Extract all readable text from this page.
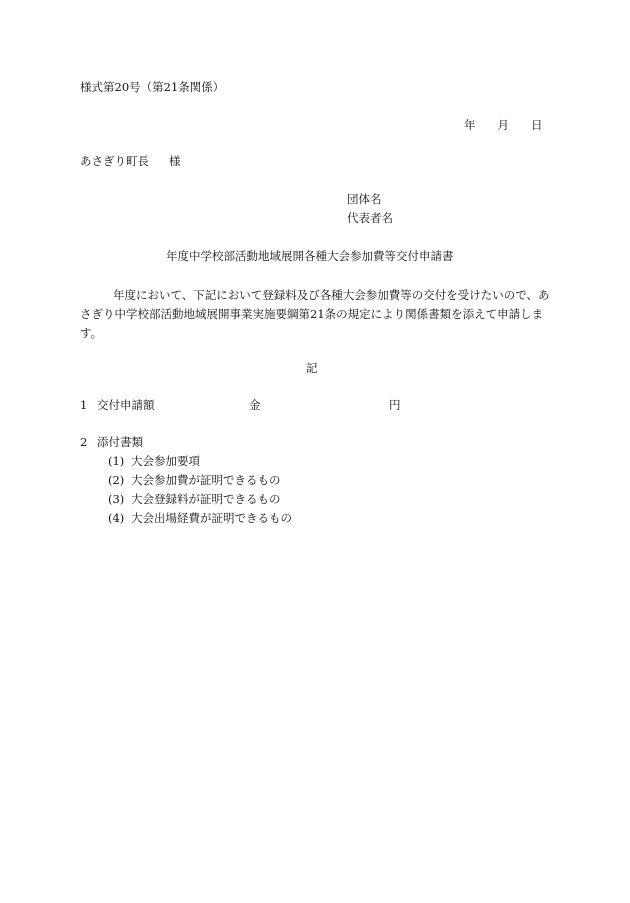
様式第20号（第21条関係）
年 月 日
あさぎり町長 様
団体名
代表者名
年度中学校部活動地域展開各種大会参加費等交付申請書
年度において、下記において登録料及び各種大会参加費等の交付を受けたいので、あさぎり中学校部活動地域展開事業実施要綱第21条の規定により関係書類を添えて申請します。
記
1 交付申請額	金	円
2 添付書類
(1) 大会参加要項
(2) 大会参加費が証明できるもの
(3) 大会登録料が証明できるもの
(4) 大会出場経費が証明できるもの
